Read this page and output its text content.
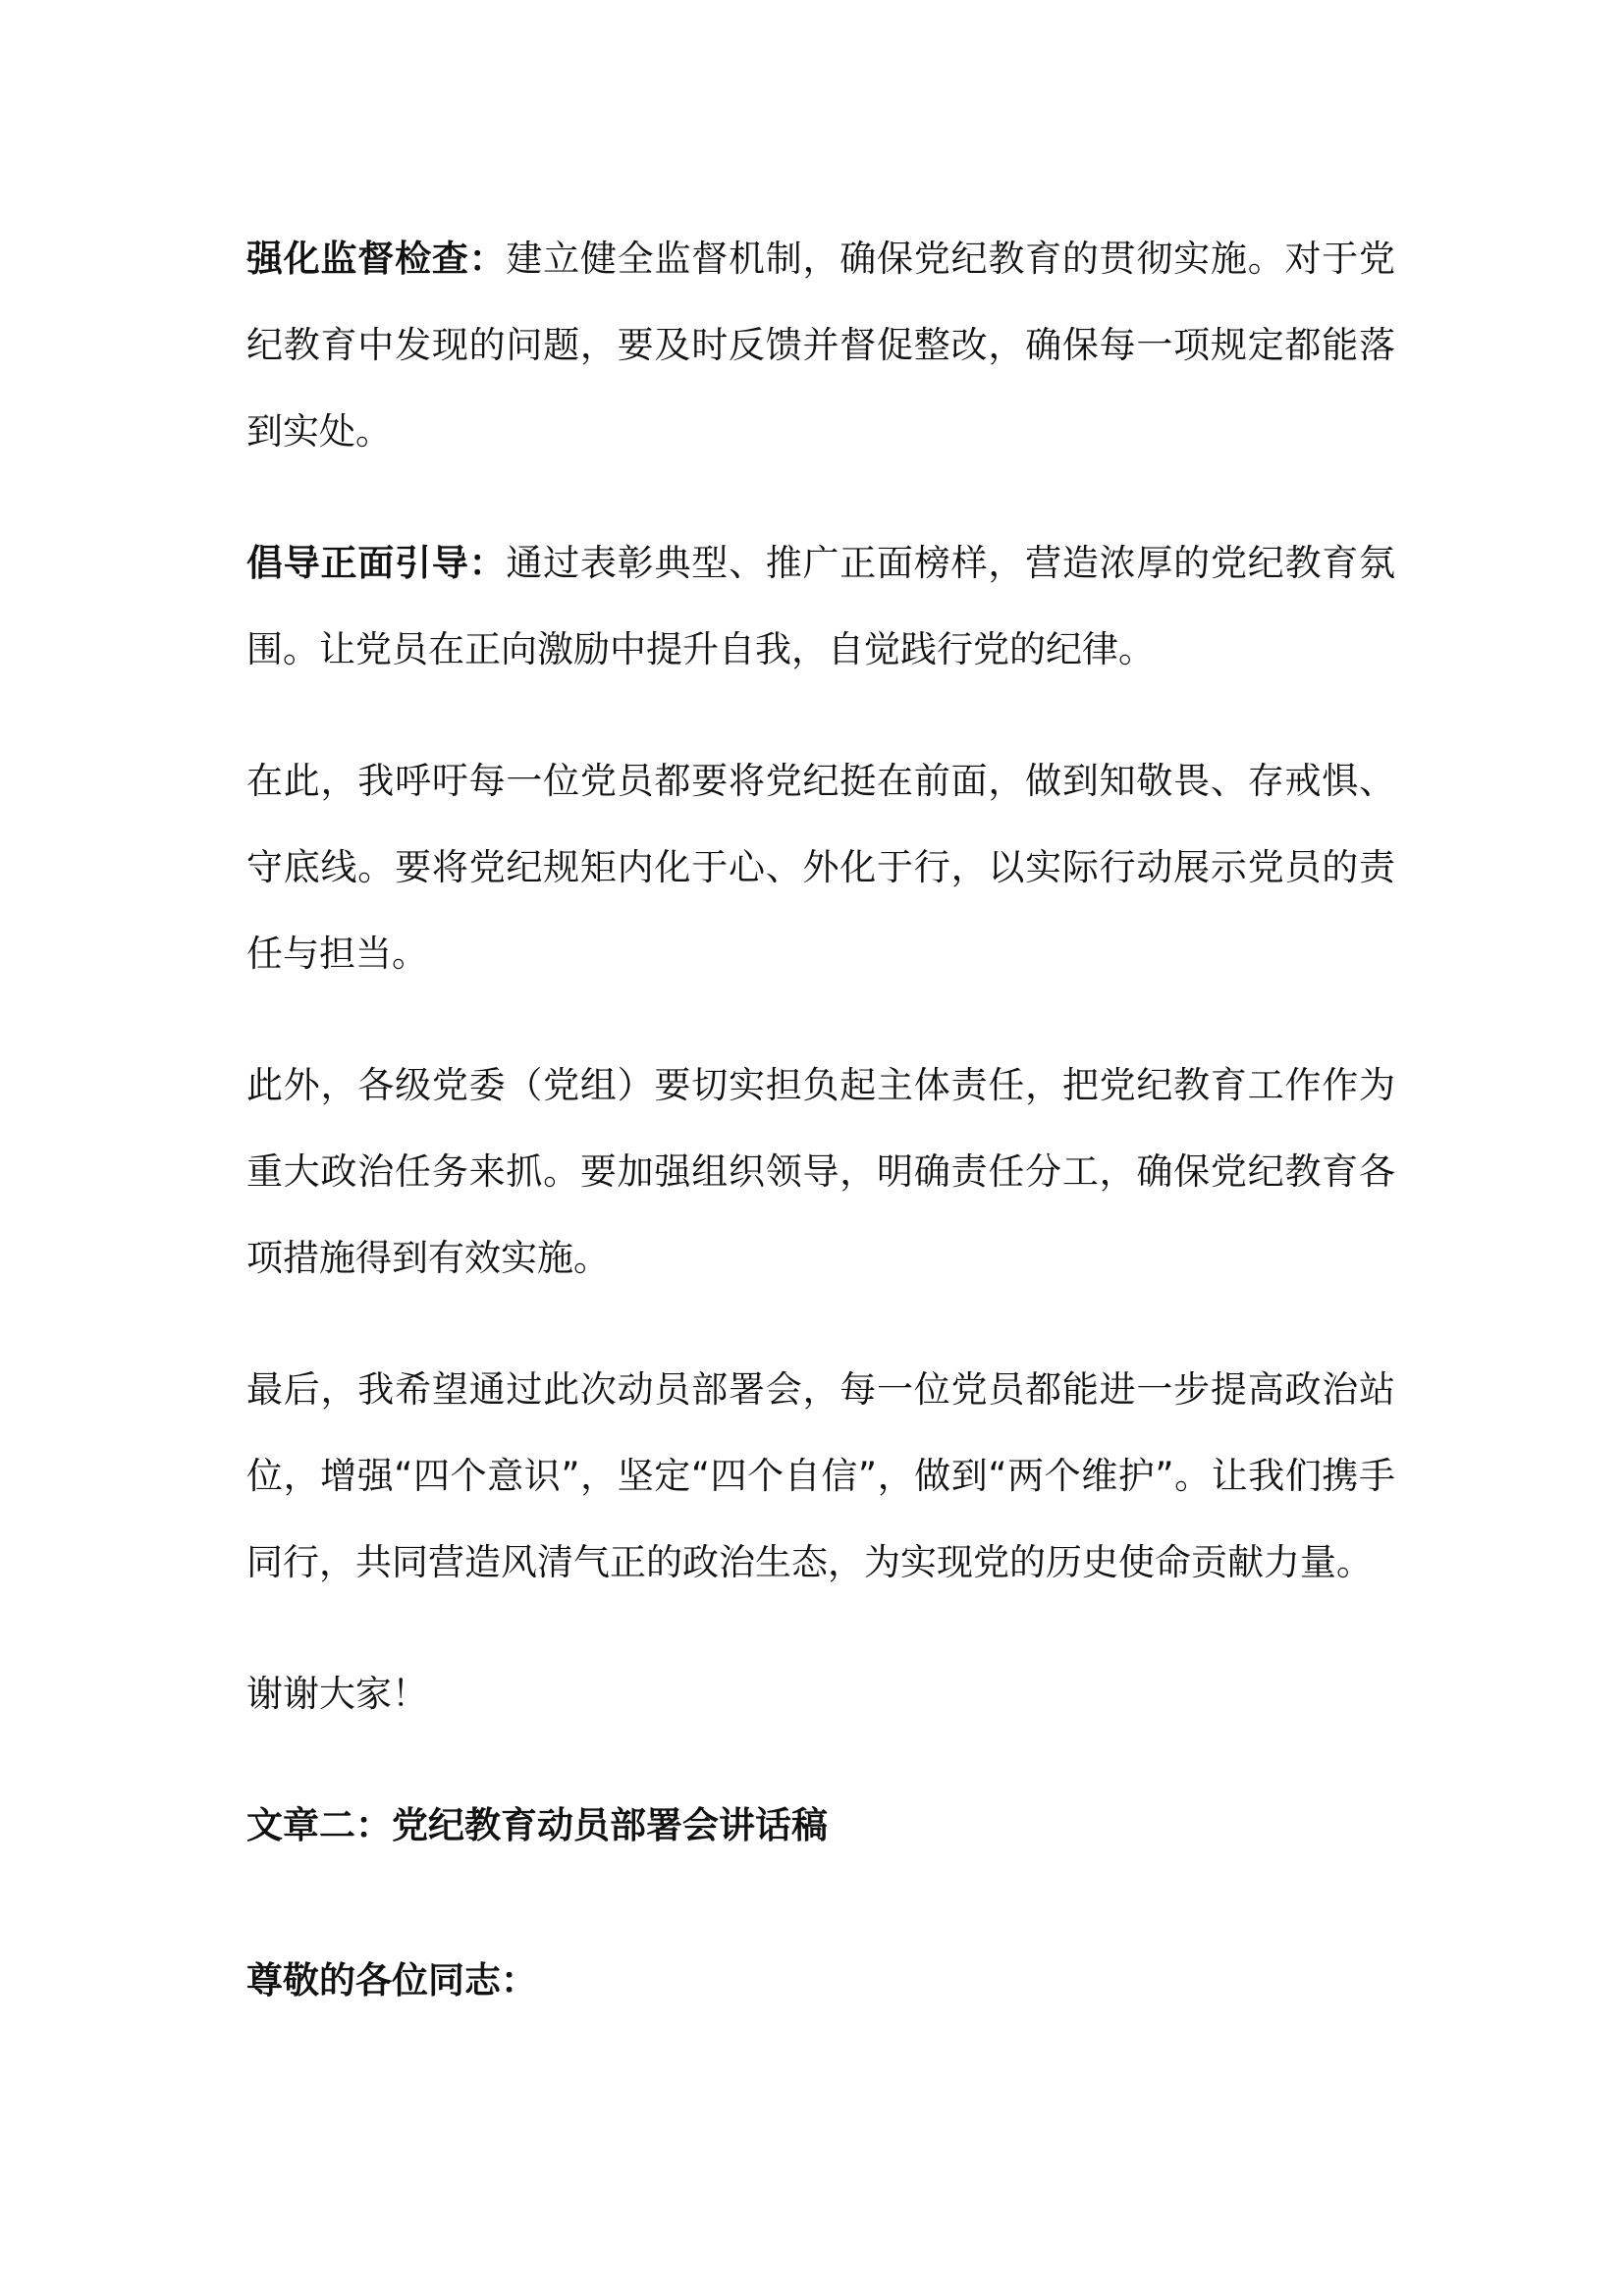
强化监督检查：建立健全监督机制，确保党纪教育的贯彻实施。对于党纪教育中发现的问题，要及时反馈并督促整改，确保每一项规定都能落到实处。

倡导正面引导：通过表彰典型、推广正面榜样，营造浓厚的党纪教育氛围。让党员在正向激励中提升自我，自觉践行党的纪律。

在此，我呼吁每一位党员都要将党纪挺在前面，做到知敬畏、存戒惧、守底线。要将党纪规矩内化于心、外化于行，以实际行动展示党员的责任与担当。

此外，各级党委（党组）要切实担负起主体责任，把党纪教育工作作为重大政治任务来抓。要加强组织领导，明确责任分工，确保党纪教育各项措施得到有效实施。

最后，我希望通过此次动员部署会，每一位党员都能进一步提高政治站位，增强“四个意识”，坚定“四个自信”，做到“两个维护”。让我们携手同行，共同营造风清气正的政治生态，为实现党的历史使命贡献力量。

谢谢大家！

文章二：党纪教育动员部署会讲话稿

尊敬的各位同志：
